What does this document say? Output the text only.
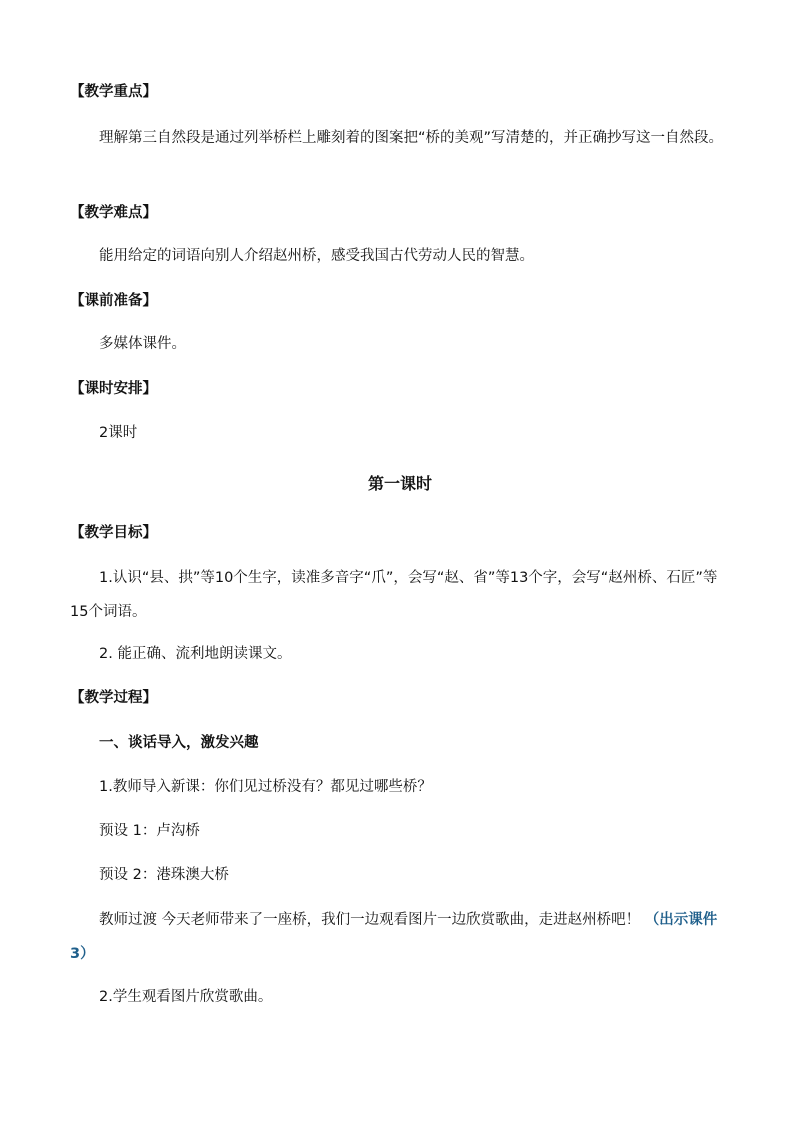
【教学重点】
理解第三自然段是通过列举桥栏上雕刻着的图案把“桥的美观”写清楚的，并正确抄写这一自然段。
【教学难点】
能用给定的词语向别人介绍赵州桥，感受我国古代劳动人民的智慧。
【课前准备】
多媒体课件。
【课时安排】
2课时
第一课时
【教学目标】
1.认识“县、拱”等10个生字，读准多音字“爪”，会写“赵、省”等13个字，会写“赵州桥、石匠”等15个词语。
2. 能正确、流利地朗读课文。
【教学过程】
一、谈话导入，激发兴趣
1.教师导入新课：你们见过桥没有？都见过哪些桥？
预设 1：卢沟桥
预设 2：港珠澳大桥
教师过渡 今天老师带来了一座桥，我们一边观看图片一边欣赏歌曲，走进赵州桥吧！ （出示课件 3）
2.学生观看图片欣赏歌曲。
